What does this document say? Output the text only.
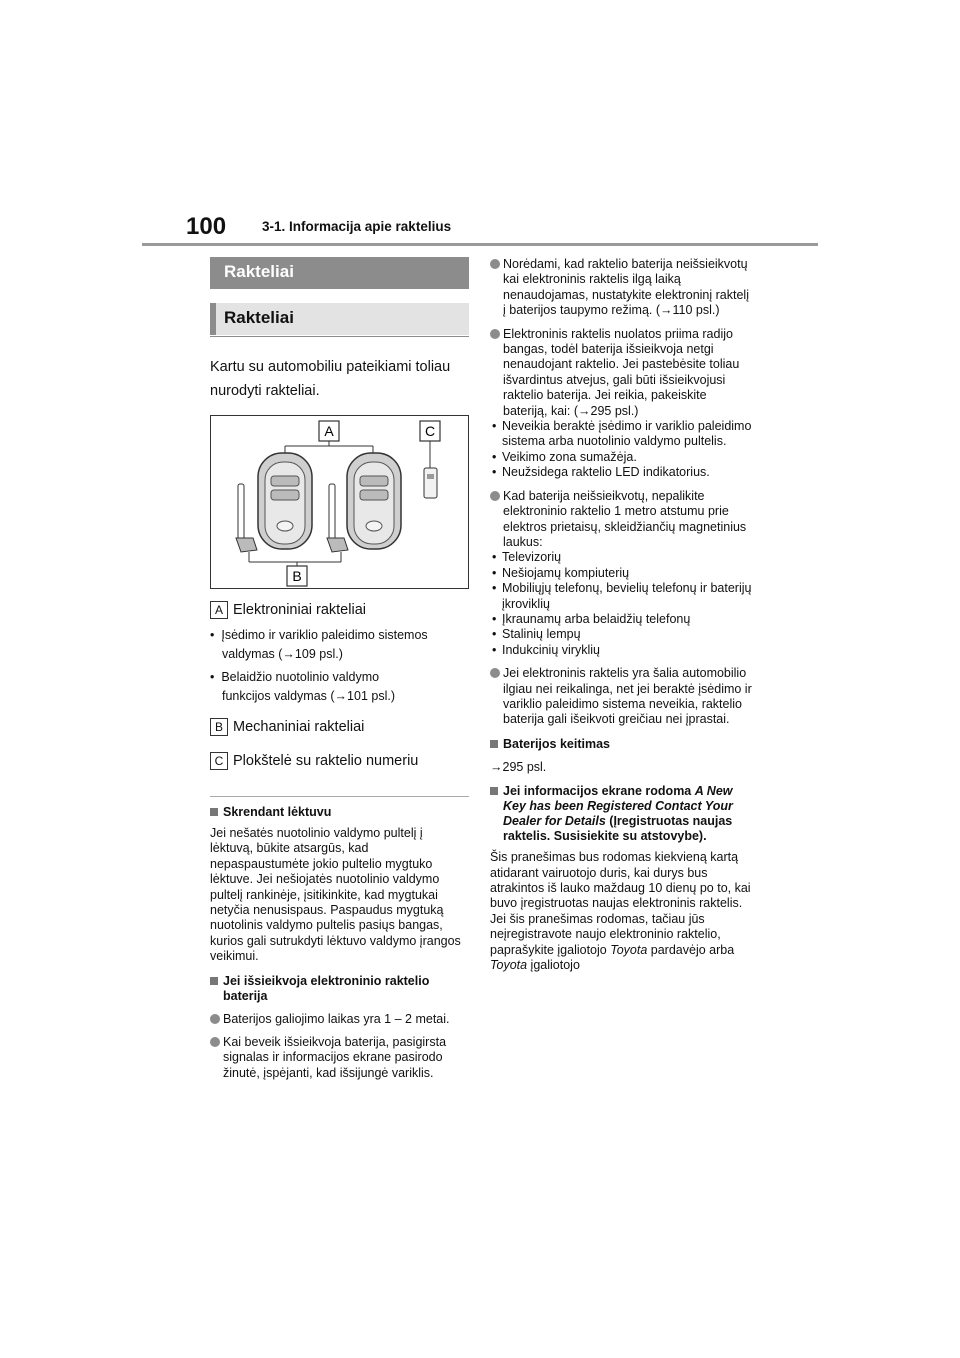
100	3-1. Informacija apie raktelius
Rakteliai
Rakteliai
Kartu su automobiliu pateikiami toliau nurodyti rakteliai.
A	C
B
A Elektroniniai rakteliai
• Įsėdimo ir variklio paleidimo sistemos
valdymas (→109 psl.)
• Belaidžio nuotolinio valdymo
funkcijos valdymas (→101 psl.)
B Mechaniniai rakteliai
C Plokštelė su raktelio numeriu
Skrendant lėktuvu
Jei nešatės nuotolinio valdymo pultelį į lėktuvą, būkite atsargūs, kad nepaspaustumėte jokio pultelio mygtuko lėktuve. Jei nešiojatės nuotolinio valdymo pultelį rankinėje, įsitikinkite, kad mygtukai netyčia nenusispaus. Paspaudus mygtuką nuotolinis valdymo pultelis pasiųs bangas, kurios gali sutrukdyti lėktuvo valdymo įrangos veikimui.
Jei išsieikvoja elektroninio raktelio baterija
Baterijos galiojimo laikas yra 1 – 2 metai.
Kai beveik išsieikvoja baterija, pasigirsta signalas ir informacijos ekrane pasirodo žinutė, įspėjanti, kad išsijungė variklis.
Norėdami, kad raktelio baterija neišsieikvotų kai elektroninis raktelis ilgą laiką nenaudojamas, nustatykite elektroninį raktelį į baterijos taupymo režimą. (→110 psl.)
Elektroninis raktelis nuolatos priima radijo bangas, todėl baterija išsieikvoja netgi nenaudojant raktelio. Jei pastebėsite toliau išvardintus atvejus, gali būti išsieikvojusi raktelio baterija. Jei reikia, pakeiskite bateriją, kai: (→295 psl.)
• Neveikia beraktė įsėdimo ir variklio paleidimo sistema arba nuotolinio valdymo pultelis.
• Veikimo zona sumažėja.
• Neužsidega raktelio LED indikatorius.
Kad baterija neišsieikvotų, nepalikite elektroninio raktelio 1 metro atstumu prie elektros prietaisų, skleidžiančių magnetinius laukus:
• Televizorių
• Nešiojamų kompiuterių
• Mobiliųjų telefonų, bevielių telefonų ir baterijų įkroviklių
• Įkraunamų arba belaidžių telefonų
• Stalinių lempų
• Indukcinių viryklių
Jei elektroninis raktelis yra šalia automobilio ilgiau nei reikalinga, net jei beraktė įsėdimo ir variklio paleidimo sistema neveikia, raktelio baterija gali išeikvoti greičiau nei įprastai.
Baterijos keitimas
→295 psl.
Jei informacijos ekrane rodoma A New Key has been Registered Contact Your Dealer for Details (Įregistruotas naujas raktelis. Susisiekite su atstovybe).
Šis pranešimas bus rodomas kiekvieną kartą atidarant vairuotojo duris, kai durys bus atrakintos iš lauko maždaug 10 dienų po to, kai buvo įregistruotas naujas elektroninis raktelis. Jei šis pranešimas rodomas, tačiau jūs neįregistravote naujo elektroninio raktelio, paprašykite įgaliotojo Toyota pardavėjo arba Toyota įgaliotojo
